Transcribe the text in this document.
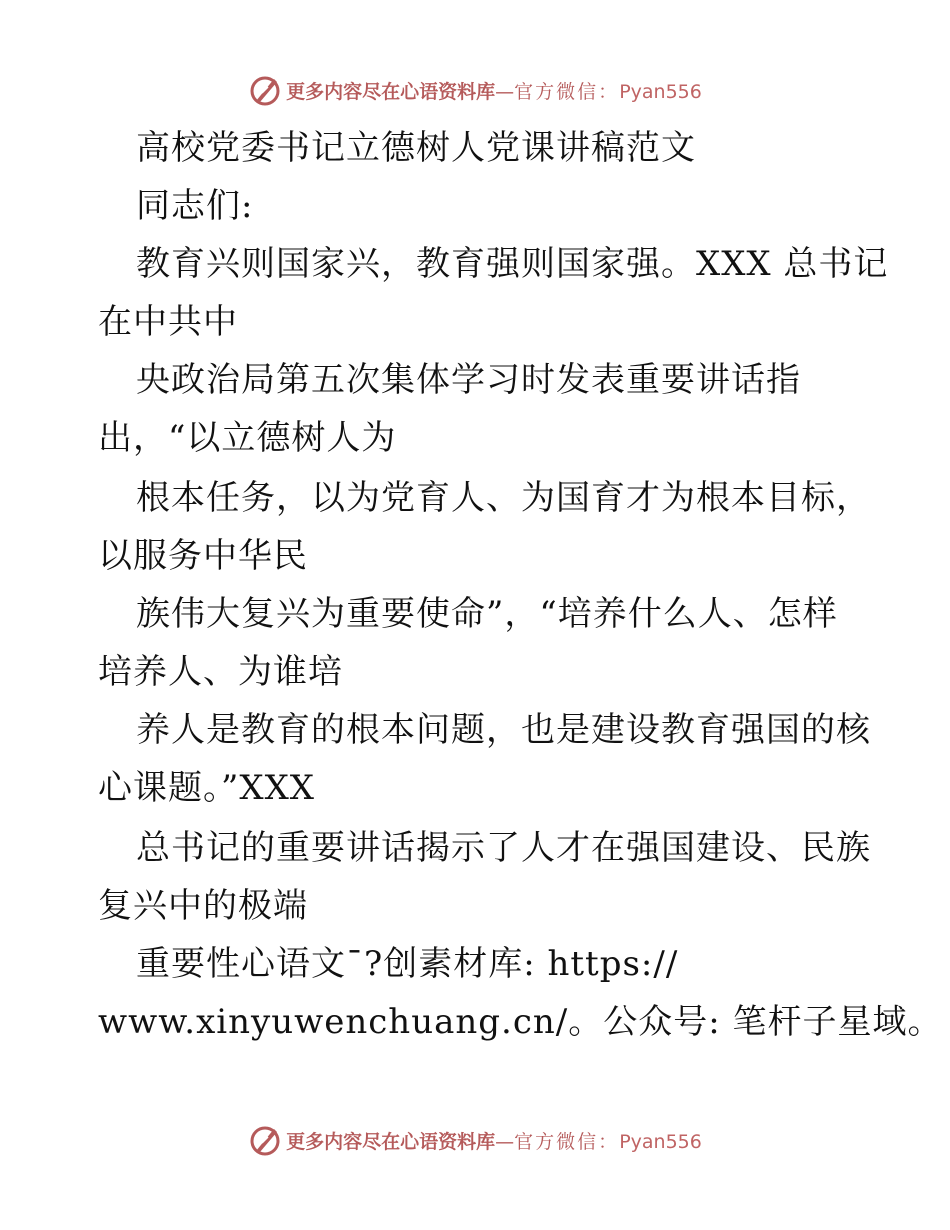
更多内容尽在心语资料库—官方微信：Pyan556
高校党委书记立德树人党课讲稿范文
同志们:
教育兴则国家兴，教育强则国家强。XXX 总书记
在中共中
央政治局第五次集体学习时发表重要讲话指
出，“以立德树人为
根本任务，以为党育人、为国育才为根本目标，
以服务中华民
族伟大复兴为重要使命”，“培养什么人、怎样
培养人、为谁培
养人是教育的根本问题，也是建设教育强国的核
心课题。”XXX
总书记的重要讲话揭示了人才在强国建设、民族
复兴中的极端
重要性心语文¯?创素材库: https://
www.xinyuwenchuang.cn/。公众号: 笔杆子星域。
更多内容尽在心语资料库—官方微信：Pyan556
